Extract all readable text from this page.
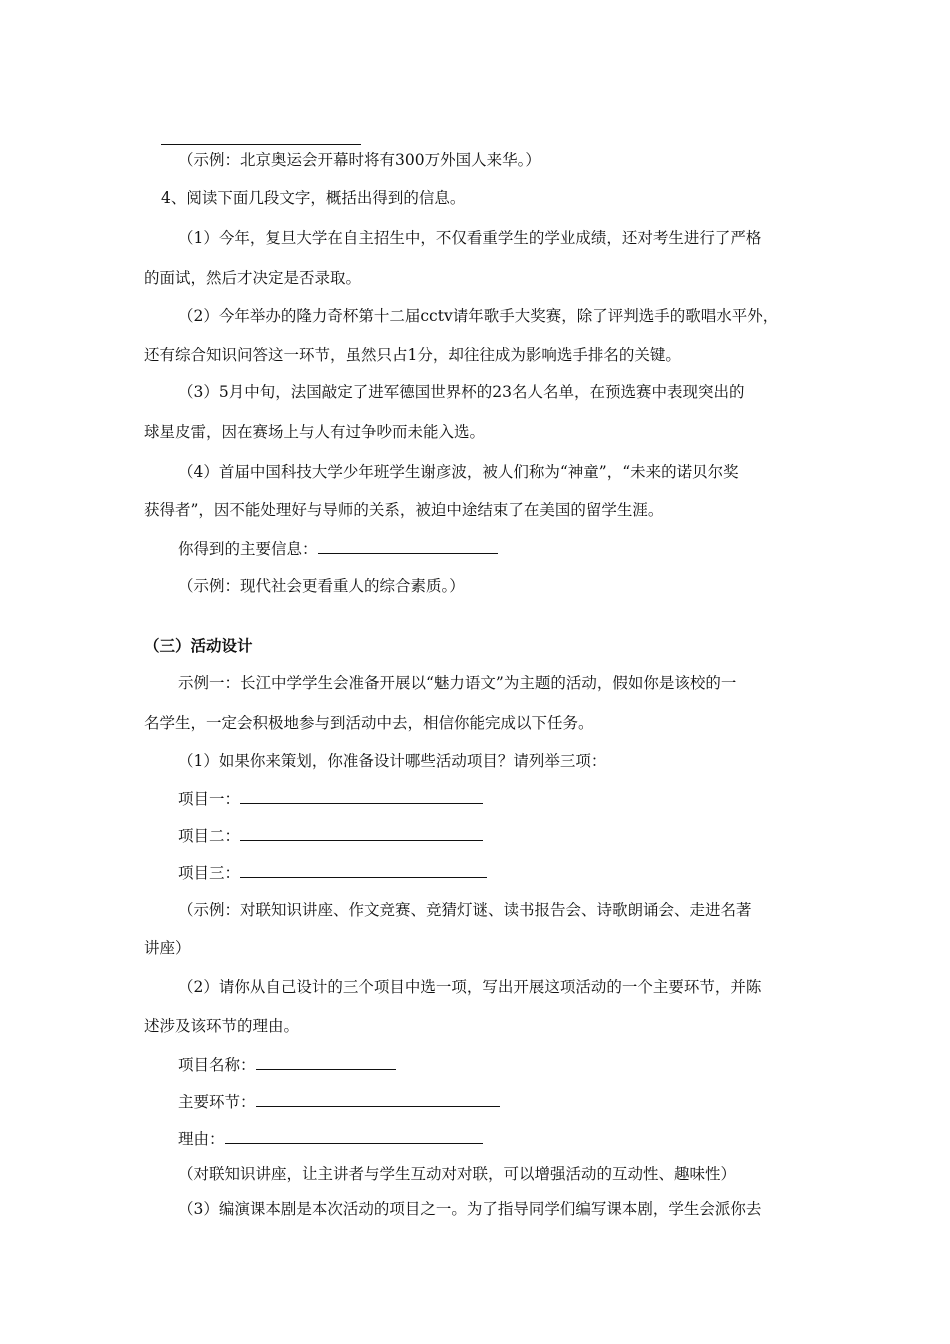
（示例：北京奥运会开幕时将有300万外国人来华。）
4、阅读下面几段文字，概括出得到的信息。
（1）今年，复旦大学在自主招生中，不仅看重学生的学业成绩，还对考生进行了严格
的面试，然后才决定是否录取。
（2）今年举办的隆力奇杯第十二届cctv请年歌手大奖赛，除了评判选手的歌唱水平外，
还有综合知识问答这一环节，虽然只占1分，却往往成为影响选手排名的关键。
（3）5月中旬，法国敲定了进军德国世界杯的23名人名单，在预选赛中表现突出的
球星皮雷，因在赛场上与人有过争吵而未能入选。
（4）首届中国科技大学少年班学生谢彦波，被人们称为“神童”，“未来的诺贝尔奖
获得者”，因不能处理好与导师的关系，被迫中途结束了在美国的留学生涯。
你得到的主要信息：
（示例：现代社会更看重人的综合素质。）
（三）活动设计
示例一：长江中学学生会准备开展以“魅力语文”为主题的活动，假如你是该校的一
名学生，一定会积极地参与到活动中去，相信你能完成以下任务。
（1）如果你来策划，你准备设计哪些活动项目？请列举三项：
项目一：
项目二：
项目三：
（示例：对联知识讲座、作文竞赛、竞猜灯谜、读书报告会、诗歌朗诵会、走进名著
讲座）
（2）请你从自己设计的三个项目中选一项，写出开展这项活动的一个主要环节，并陈
述涉及该环节的理由。
项目名称：
主要环节：
理由：
（对联知识讲座，让主讲者与学生互动对对联，可以增强活动的互动性、趣味性）
（3）编演课本剧是本次活动的项目之一。为了指导同学们编写课本剧，学生会派你去
